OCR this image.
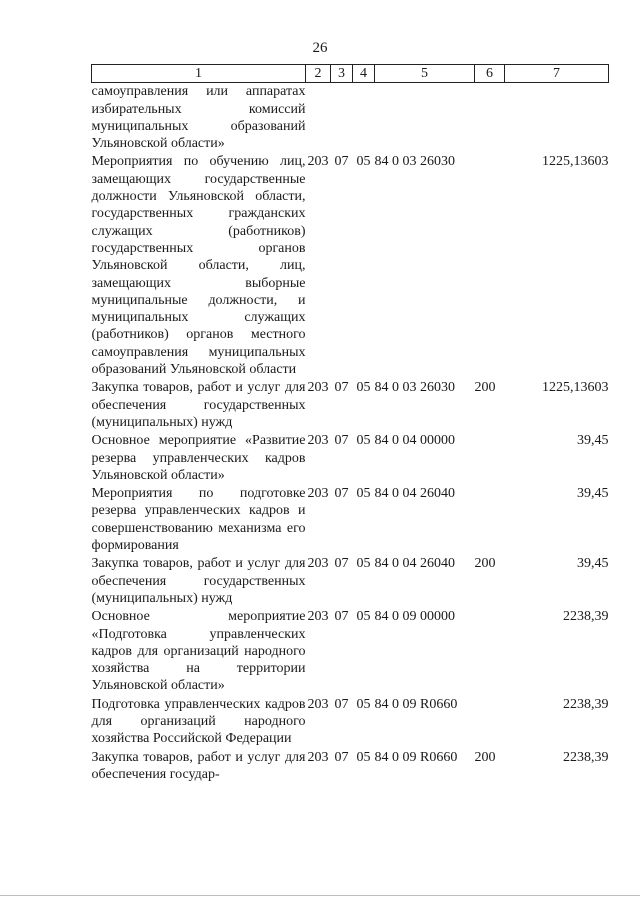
26
1	2	3	4	5	6	7
самоуправления или аппаратах избирательных комиссий муниципальных образований Ульяновской области»						
Мероприятия по обучению лиц, замещающих государственные должности Ульяновской области, государственных гражданских служащих (работников) государственных органов Ульяновской области, лиц, замещающих выборные муниципальные должности, и муниципальных служащих (работников) органов местного самоуправления муниципальных образований Ульяновской области	203	07	05	84 0 03 26030		1225,13603
Закупка товаров, работ и услуг для обеспечения государственных (муниципальных) нужд	203	07	05	84 0 03 26030	200	1225,13603
Основное мероприятие «Развитие резерва управленческих кадров Ульяновской области»	203	07	05	84 0 04 00000		39,45
Мероприятия по подготовке резерва управленческих кадров и совершенствованию механизма его формирования	203	07	05	84 0 04 26040		39,45
Закупка товаров, работ и услуг для обеспечения государственных (муниципальных) нужд	203	07	05	84 0 04 26040	200	39,45
Основное мероприятие «Подготовка управленческих кадров для организаций народного хозяйства на территории Ульяновской области»	203	07	05	84 0 09 00000		2238,39
Подготовка управленческих кадров для организаций народного хозяйства Российской Федерации	203	07	05	84 0 09 R0660		2238,39
Закупка товаров, работ и услуг для обеспечения государ-	203	07	05	84 0 09 R0660	200	2238,39
